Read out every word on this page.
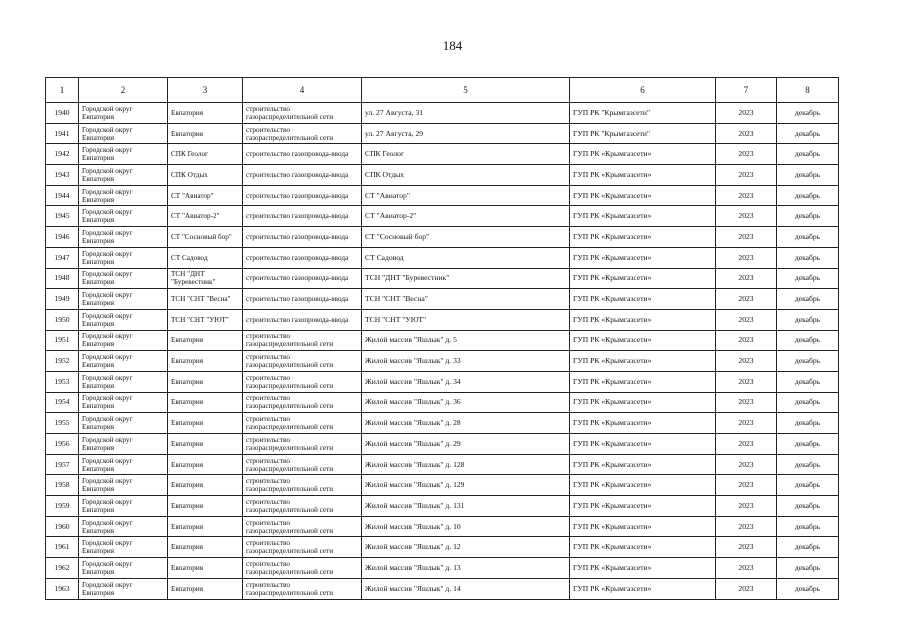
184
1	2	3	4	5	6	7	8
1940	Городской округ Евпатория	Евпатория	строительство газораспределительной сети	ул. 27 Августа, 31	ГУП РК "Крымгазсети"	2023	декабрь
1941	Городской округ Евпатория	Евпатория	строительство газораспределительной сети	ул. 27 Августа, 29	ГУП РК "Крымгазсети"	2023	декабрь
1942	Городской округ Евпатория	СПК Геолог	строительство газопровода-ввода	СПК Геолог	ГУП РК «Крымгазсети»	2023	декабрь
1943	Городской округ Евпатория	СПК Отдых	строительство газопровода-ввода	СПК Отдых	ГУП РК «Крымгазсети»	2023	декабрь
1944	Городской округ Евпатория	СТ "Авиатор"	строительство газопровода-ввода	СТ "Авиатор"	ГУП РК «Крымгазсети»	2023	декабрь
1945	Городской округ Евпатория	СТ "Авиатор-2"	строительство газопровода-ввода	СТ "Авиатор-2"	ГУП РК «Крымгазсети»	2023	декабрь
1946	Городской округ Евпатория	СТ "Сосновый бор"	строительство газопровода-ввода	СТ "Сосновый бор"	ГУП РК «Крымгазсети»	2023	декабрь
1947	Городской округ Евпатория	СТ Садовод	строительство газопровода-ввода	СТ Садовод	ГУП РК «Крымгазсети»	2023	декабрь
1948	Городской округ Евпатория	ТСН "ДНТ "Буревестник"	строительство газопровода-ввода	ТСН "ДНТ "Буревестник"	ГУП РК «Крымгазсети»	2023	декабрь
1949	Городской округ Евпатория	ТСН "СНТ "Весна"	строительство газопровода-ввода	ТСН "СНТ "Весна"	ГУП РК «Крымгазсети»	2023	декабрь
1950	Городской округ Евпатория	ТСН "СНТ "УЮТ"	строительство газопровода-ввода	ТСН "СНТ "УЮТ"	ГУП РК «Крымгазсети»	2023	декабрь
1951	Городской округ Евпатория	Евпатория	строительство газораспределительной сети	Жилой массив "Яшлык" д. 5	ГУП РК «Крымгазсети»	2023	декабрь
1952	Городской округ Евпатория	Евпатория	строительство газораспределительной сети	Жилой массив "Яшлык" д. 33	ГУП РК «Крымгазсети»	2023	декабрь
1953	Городской округ Евпатория	Евпатория	строительство газораспределительной сети	Жилой массив "Яшлык" д. 34	ГУП РК «Крымгазсети»	2023	декабрь
1954	Городской округ Евпатория	Евпатория	строительство газораспределительной сети	Жилой массив "Яшлык" д. 36	ГУП РК «Крымгазсети»	2023	декабрь
1955	Городской округ Евпатория	Евпатория	строительство газораспределительной сети	Жилой массив "Яшлык" д. 28	ГУП РК «Крымгазсети»	2023	декабрь
1956	Городской округ Евпатория	Евпатория	строительство газораспределительной сети	Жилой массив "Яшлык" д. 29	ГУП РК «Крымгазсети»	2023	декабрь
1957	Городской округ Евпатория	Евпатория	строительство газораспределительной сети	Жилой массив "Яшлык" д. 128	ГУП РК «Крымгазсети»	2023	декабрь
1958	Городской округ Евпатория	Евпатория	строительство газораспределительной сети	Жилой массив "Яшлык" д. 129	ГУП РК «Крымгазсети»	2023	декабрь
1959	Городской округ Евпатория	Евпатория	строительство газораспределительной сети	Жилой массив "Яшлык" д. 131	ГУП РК «Крымгазсети»	2023	декабрь
1960	Городской округ Евпатория	Евпатория	строительство газораспределительной сети	Жилой массив "Яшлык" д. 10	ГУП РК «Крымгазсети»	2023	декабрь
1961	Городской округ Евпатория	Евпатория	строительство газораспределительной сети	Жилой массив "Яшлык" д. 12	ГУП РК «Крымгазсети»	2023	декабрь
1962	Городской округ Евпатория	Евпатория	строительство газораспределительной сети	Жилой массив "Яшлык" д. 13	ГУП РК «Крымгазсети»	2023	декабрь
1963	Городской округ Евпатория	Евпатория	строительство газораспределительной сети	Жилой массив "Яшлык" д. 14	ГУП РК «Крымгазсети»	2023	декабрь
